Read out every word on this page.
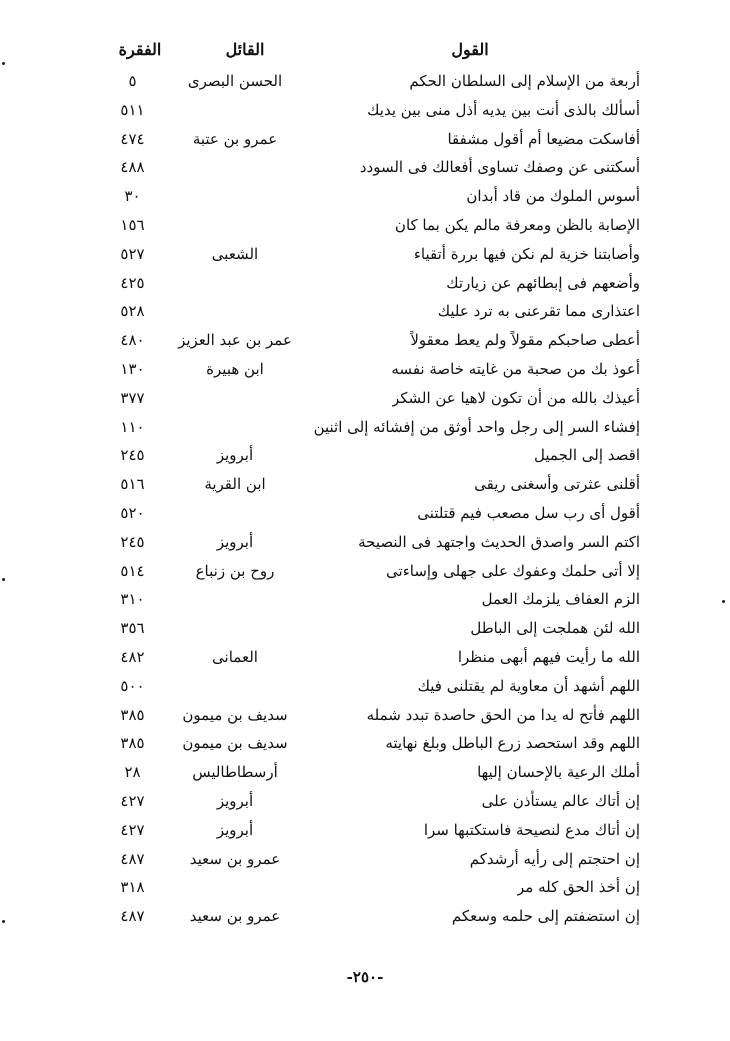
القول
القائل
الفقرة
أربعة من الإسلام إلى السلطان الحكم
الحسن البصرى
٥
أسألك بالذى أنت بين يديه أذل منى بين يديك
٥١١
أفاسكت مضيعا أم أقول مشفقا
عمرو بن عتبة
٤٧٤
أسكتنى عن وصفك تساوى أفعالك فى السودد
٤٨٨
أسوس الملوك من قاد أبدان
٣٠
الإصابة بالظن ومعرفة مالم يكن بما كان
١٥٦
وأصابتنا خزية لم نكن فيها بررة أتقياء
الشعبى
٥٢٧
وأضعهم فى إبطائهم عن زيارتك
٤٢٥
اعتذارى مما تقرعنى به ترد عليك
٥٢٨
أعطى صاحبكم مقولاً ولم يعط معقولاً
عمر بن عبد العزيز
٤٨٠
أعوذ بك من صحبة من غايته خاصة نفسه
ابن هبيرة
١٣٠
أعيذك بالله من أن تكون لاهيا عن الشكر
٣٧٧
إفشاء السر إلى رجل واحد أوثق من إفشائه إلى اثنين
١١٠
اقصد إلى الجميل
أبرويز
٢٤٥
أقلنى عثرتى وأسغنى ريقى
ابن القرية
٥١٦
أقول أى رب سل مصعب فيم قتلتنى
٥٢٠
اكتم السر واصدق الحديث واجتهد فى النصيحة
أبرويز
٢٤٥
إلا أتى حلمك وعفوك على جهلى وإساءتى
روح بن زنباع
٥١٤
الزم العفاف يلزمك العمل
٣١٠
الله لئن هملجت إلى الباطل
٣٥٦
الله ما رأيت فيهم أبهى منظرا
العمانى
٤٨٢
اللهم أشهد أن معاوية لم يقتلنى فيك
٥٠٠
اللهم فأتح له يدا من الحق حاصدة تبدد شمله
سديف بن ميمون
٣٨٥
اللهم وقد استحصد زرع الباطل وبلغ نهايته
سديف بن ميمون
٣٨٥
أملك الرعية بالإحسان إليها
أرسطاطاليس
٢٨
إن أتاك عالم يستأذن على
أبرويز
٤٢٧
إن أتاك مدع لنصيحة فاستكتبها سرا
أبرويز
٤٢٧
إن احتجتم إلى رأيه أرشدكم
عمرو بن سعيد
٤٨٧
إن أخذ الحق كله مر
٣١٨
إن استضفتم إلى حلمه وسعكم
عمرو بن سعيد
٤٨٧
-٢٥٠-
